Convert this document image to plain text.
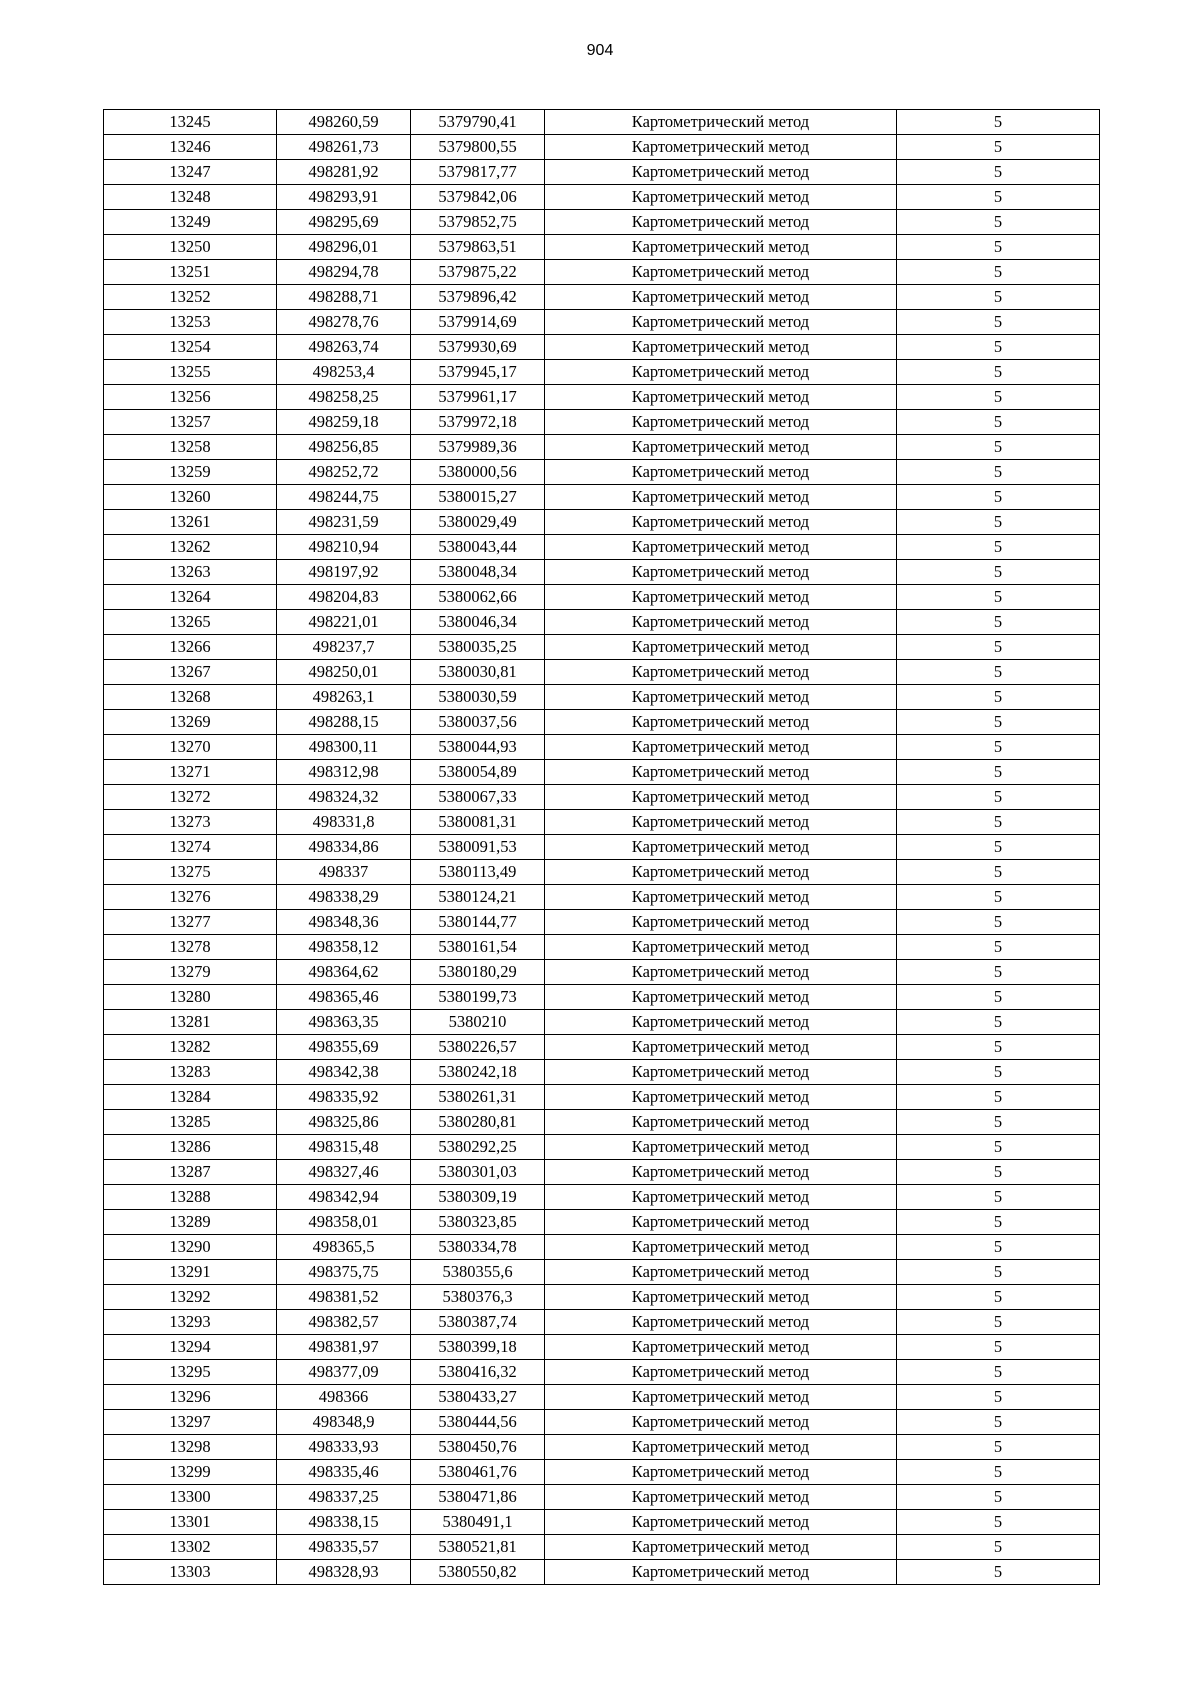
904
13245	498260,59	5379790,41	Картометрический метод	5
13246	498261,73	5379800,55	Картометрический метод	5
13247	498281,92	5379817,77	Картометрический метод	5
13248	498293,91	5379842,06	Картометрический метод	5
13249	498295,69	5379852,75	Картометрический метод	5
13250	498296,01	5379863,51	Картометрический метод	5
13251	498294,78	5379875,22	Картометрический метод	5
13252	498288,71	5379896,42	Картометрический метод	5
13253	498278,76	5379914,69	Картометрический метод	5
13254	498263,74	5379930,69	Картометрический метод	5
13255	498253,4	5379945,17	Картометрический метод	5
13256	498258,25	5379961,17	Картометрический метод	5
13257	498259,18	5379972,18	Картометрический метод	5
13258	498256,85	5379989,36	Картометрический метод	5
13259	498252,72	5380000,56	Картометрический метод	5
13260	498244,75	5380015,27	Картометрический метод	5
13261	498231,59	5380029,49	Картометрический метод	5
13262	498210,94	5380043,44	Картометрический метод	5
13263	498197,92	5380048,34	Картометрический метод	5
13264	498204,83	5380062,66	Картометрический метод	5
13265	498221,01	5380046,34	Картометрический метод	5
13266	498237,7	5380035,25	Картометрический метод	5
13267	498250,01	5380030,81	Картометрический метод	5
13268	498263,1	5380030,59	Картометрический метод	5
13269	498288,15	5380037,56	Картометрический метод	5
13270	498300,11	5380044,93	Картометрический метод	5
13271	498312,98	5380054,89	Картометрический метод	5
13272	498324,32	5380067,33	Картометрический метод	5
13273	498331,8	5380081,31	Картометрический метод	5
13274	498334,86	5380091,53	Картометрический метод	5
13275	498337	5380113,49	Картометрический метод	5
13276	498338,29	5380124,21	Картометрический метод	5
13277	498348,36	5380144,77	Картометрический метод	5
13278	498358,12	5380161,54	Картометрический метод	5
13279	498364,62	5380180,29	Картометрический метод	5
13280	498365,46	5380199,73	Картометрический метод	5
13281	498363,35	5380210	Картометрический метод	5
13282	498355,69	5380226,57	Картометрический метод	5
13283	498342,38	5380242,18	Картометрический метод	5
13284	498335,92	5380261,31	Картометрический метод	5
13285	498325,86	5380280,81	Картометрический метод	5
13286	498315,48	5380292,25	Картометрический метод	5
13287	498327,46	5380301,03	Картометрический метод	5
13288	498342,94	5380309,19	Картометрический метод	5
13289	498358,01	5380323,85	Картометрический метод	5
13290	498365,5	5380334,78	Картометрический метод	5
13291	498375,75	5380355,6	Картометрический метод	5
13292	498381,52	5380376,3	Картометрический метод	5
13293	498382,57	5380387,74	Картометрический метод	5
13294	498381,97	5380399,18	Картометрический метод	5
13295	498377,09	5380416,32	Картометрический метод	5
13296	498366	5380433,27	Картометрический метод	5
13297	498348,9	5380444,56	Картометрический метод	5
13298	498333,93	5380450,76	Картометрический метод	5
13299	498335,46	5380461,76	Картометрический метод	5
13300	498337,25	5380471,86	Картометрический метод	5
13301	498338,15	5380491,1	Картометрический метод	5
13302	498335,57	5380521,81	Картометрический метод	5
13303	498328,93	5380550,82	Картометрический метод	5
